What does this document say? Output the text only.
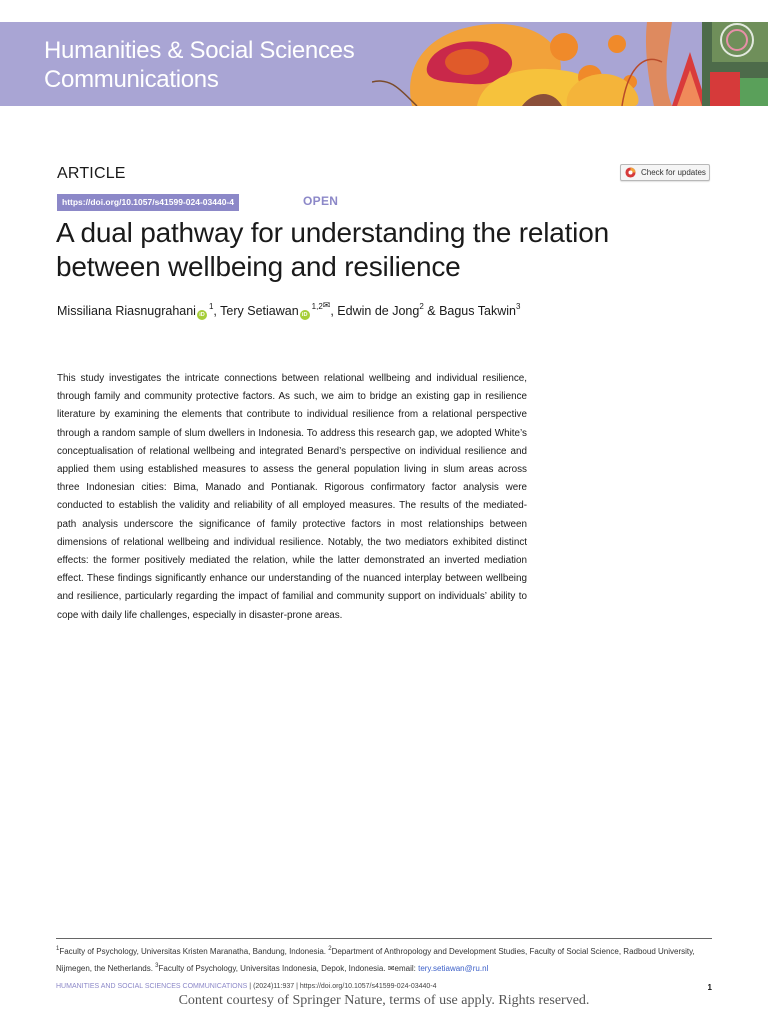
Humanities & Social Sciences
Communications
ARTICLE	Check for updates
https://doi.org/10.1057/s41599-024-03440-4	OPEN
A dual pathway for understanding the relation
between wellbeing and resilience
Missiliana Riasnugrahani $iD^1$, Tery Setiawan $iD^{1,2✉}$, Edwin de Jong$^2$ & Bagus Takwin$^3$

This study investigates the intricate connections between relational wellbeing and individual resilience, through family and community protective factors. As such, we aim to bridge an existing gap in resilience literature by examining the elements that contribute to individual resilience from a relational perspective through a random sample of slum dwellers in Indonesia. To address this research gap, we adopted White’s conceptualisation of relational wellbeing and integrated Benard’s perspective on individual resilience and applied them using established measures to assess the general population living in slum areas across three Indonesian cities: Bima, Manado and Pontianak. Rigorous confirmatory factor analysis were conducted to establish the validity and reliability of all employed measures. The results of the mediated-path analysis underscore the significance of family protective factors in most relationships between dimensions of relational wellbeing and individual resilience. Notably, the two mediators exhibited distinct effects: the former positively mediated the relation, while the latter demonstrated an inverted mediation effect. These findings significantly enhance our understanding of the nuanced interplay between wellbeing and resilience, particularly regarding the impact of familial and community support on individuals’ ability to cope with daily life challenges, especially in disaster-prone areas.

$^1$Faculty of Psychology, Universitas Kristen Maranatha, Bandung, Indonesia. $^2$Department of Anthropology and Development Studies, Faculty of Social Science, Radboud University, Nijmegen, the Netherlands. $^3$Faculty of Psychology, Universitas Indonesia, Depok, Indonesia. ✉email: tery.setiawan@ru.nl

HUMANITIES AND SOCIAL SCIENCES COMMUNICATIONS | (2024)11:937 | https://doi.org/10.1057/s41599-024-03440-4	1
Content courtesy of Springer Nature, terms of use apply. Rights reserved.
